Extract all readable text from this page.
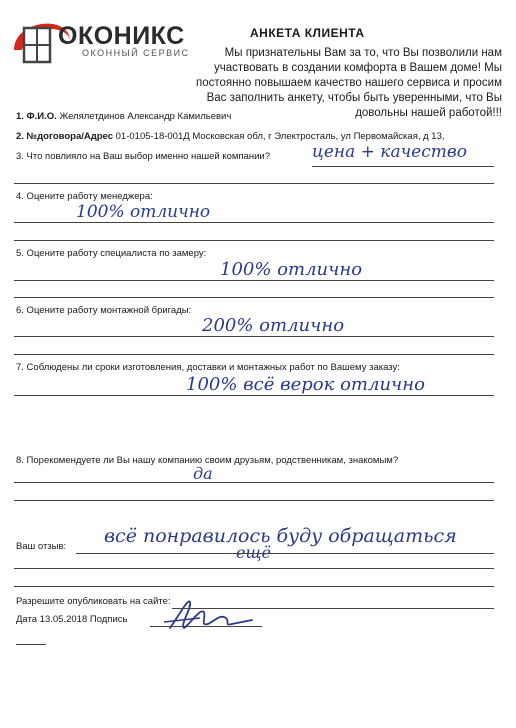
ОКОНИКС
ОКОННЫЙ СЕРВИС
АНКЕТА КЛИЕНТА
Мы признательны Вам за то, что Вы позволили нам
участвовать в создании комфорта в Вашем доме! Мы
постоянно повышаем качество нашего сервиса и просим
Вас заполнить анкету, чтобы быть уверенными, что Вы довольны нашей работой!!!
1. Ф.И.О. Желялетдинов Александр Камильевич
2. №договора/Адрес 01-0105-18-001Д Московская обл, г Электросталь, ул Первомайская, д 13,
3. Что повлияло на Ваш выбор именно нашей компании? цена + качество
4. Оцените работу менеджера:
100% отлично
5. Оцените работу специалиста по замеру:
100% отлично
6. Оцените работу монтажной бригады:
200% отлично
7. Соблюдены ли сроки изготовления, доставки и монтажных работ по Вашему заказу:
100% всё верок отлично
8. Порекомендуете ли Вы нашу компанию своим друзьям, родственникам, знакомым?
да
Ваш отзыв: всё понравилось буду обращаться
ещё
Разрешите опубликовать на сайте:
Дата 13.05.2018 Подпись
